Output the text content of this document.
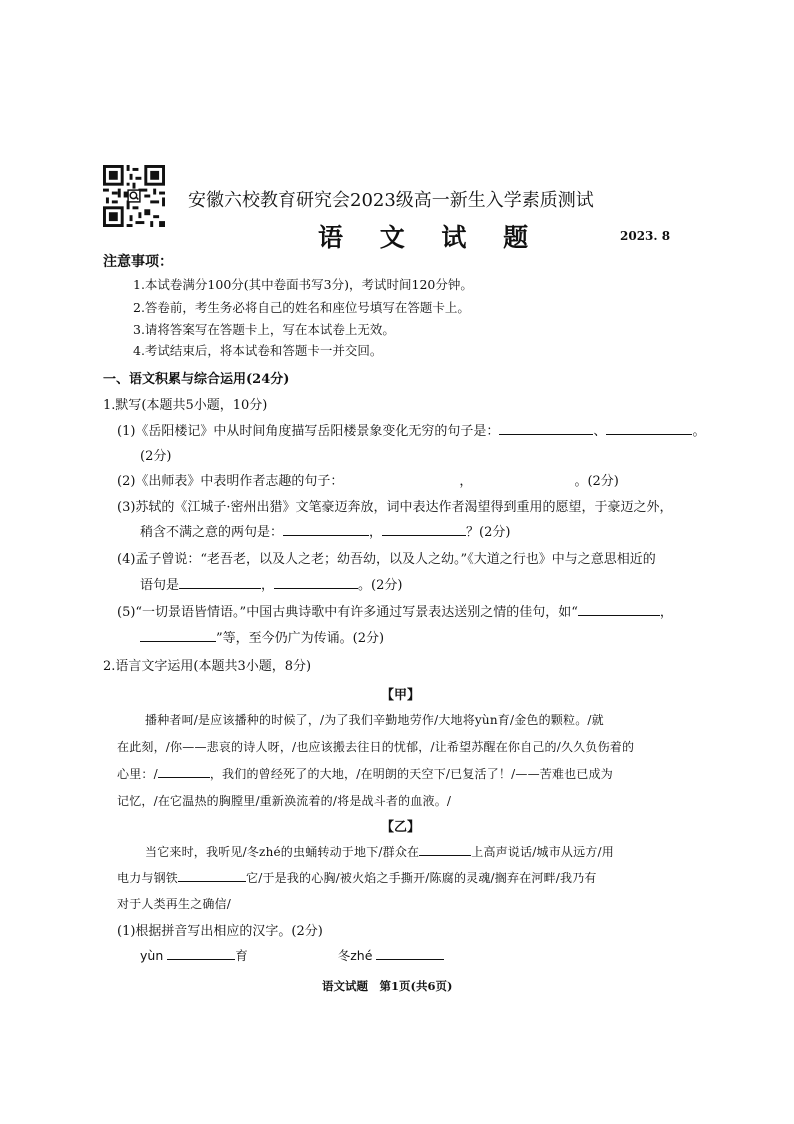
安徽六校教育研究会2023级高一新生入学素质测试
语 文 试 题	2023. 8
注意事项：
1.本试卷满分100分(其中卷面书写3分)，考试时间120分钟。
2.答卷前，考生务必将自己的姓名和座位号填写在答题卡上。
3.请将答案写在答题卡上，写在本试卷上无效。
4.考试结束后，将本试卷和答题卡一并交回。
一、语文积累与综合运用(24分)
1.默写(本题共5小题，10分)
(1)《岳阳楼记》中从时间角度描写岳阳楼景象变化无穷的句子是：	、	。
(2分)
(2)《出师表》中表明作者志趣的句子：	，	。(2分)
(3)苏轼的《江城子·密州出猎》文笔豪迈奔放，词中表达作者渴望得到重用的愿望，于豪迈之外，
稍含不满之意的两句是：	，	？(2分)
(4)孟子曾说：“老吾老，以及人之老；幼吾幼，以及人之幼。”《大道之行也》中与之意思相近的
语句是	，	。(2分)
(5)“一切景语皆情语。”中国古典诗歌中有许多通过写景表达送别之情的佳句，如“	，
”等，至今仍广为传诵。(2分)
2.语言文字运用(本题共3小题，8分)
【甲】
播种者呵/是应该播种的时候了，/为了我们辛勤地劳作/大地将yùn育/金色的颗粒。/就
在此刻，/你——悲哀的诗人呀，/也应该搬去往日的忧郁，/让希望苏醒在你自己的/久久负伤着的
心里：/	，我们的曾经死了的大地，/在明朗的天空下/已复活了！/——苦难也已成为
记忆，/在它温热的胸膛里/重新涣流着的/将是战斗者的血液。/
【乙】
当它来时，我听见/冬zhé的虫蛹转动于地下/群众在	上高声说话/城市从远方/用
电力与钢铁	它/于是我的心胸/被火焰之手撕开/陈腐的灵魂/搁弃在河畔/我乃有
对于人类再生之确信/
(1)根据拼音写出相应的汉字。(2分)
yùn	育	冬zhé
语文试题　第1页(共6页)
